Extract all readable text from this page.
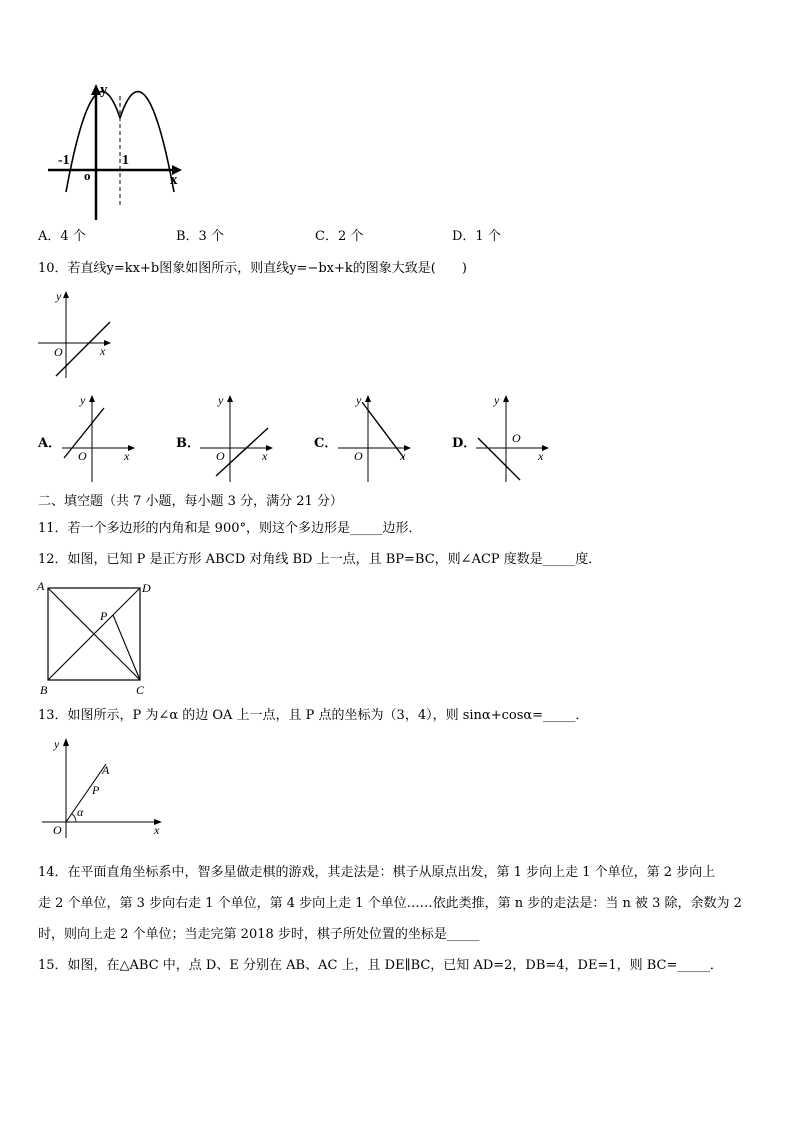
y
x
-1	1
o
A．4 个	B．3 个	C．2 个	D．1 个
10．若直线y=kx+b图象如图所示，则直线y=−bx+k的图象大致是(　　)
y
O	x
A．
y
O	x
B．
y
O	x
C．
y
O	x
D．
y
O
x
二、填空题（共 7 小题，每小题 3 分，满分 21 分）
11．若一个多边形的内角和是 900°，则这个多边形是_____边形．
12．如图，已知 P 是正方形 ABCD 对角线 BD 上一点，且 BP=BC，则∠ACP 度数是_____度．
A	D
B	C
P
13．如图所示，P 为∠α 的边 OA 上一点，且 P 点的坐标为（3，4），则 sinα+cosα=_____．
y
x
O
A
P
α
14．在平面直角坐标系中，智多星做走棋的游戏，其走法是：棋子从原点出发，第 1 步向上走 1 个单位，第 2 步向上
走 2 个单位，第 3 步向右走 1 个单位，第 4 步向上走 1 个单位……依此类推，第 n 步的走法是：当 n 被 3 除，余数为 2
时，则向上走 2 个单位；当走完第 2018 步时，棋子所处位置的坐标是_____
15．如图，在△ABC 中，点 D、E 分别在 AB、AC 上，且 DE∥BC，已知 AD=2，DB=4，DE=1，则 BC=_____．
